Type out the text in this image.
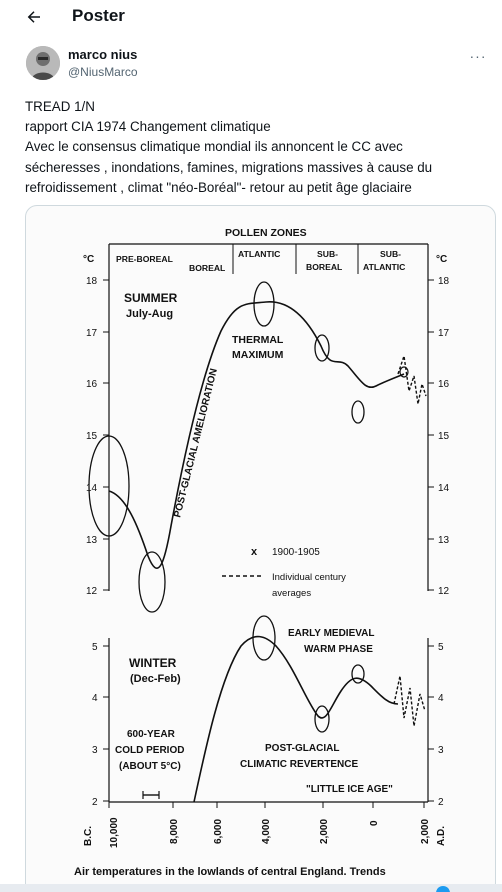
Poster
marco nius
@NiusMarco
···

TREAD 1/N

rapport CIA 1974 Changement climatique

Avec le consensus climatique mondial ils annoncent le CC avec

sécheresses , inondations, famines, migrations massives à cause du

refroidissement , climat "néo-Boréal"- retour au petit âge glaciaire

POLLEN ZONES
°C	°C
PRE-BOREAL
BOREAL
ATLANTIC	SUB-
BOREAL
SUB-
ATLANTIC
18
17
16
15
14
13
12
18
17
16
15
14
13
12
SUMMER
July-Aug
POST-GLACIAL AMELIORATION
THERMAL
MAXIMUM
x 1900-1905
Individual century
averages
5
4
3
2
5
4
3
2
WINTER
(Dec-Feb)
EARLY MEDIEVAL
WARM PHASE
600-YEAR
COLD PERIOD
(ABOUT 5°C)
POST-GLACIAL
CLIMATIC REVERTENCE
"LITTLE ICE AGE"
B.C.	A.D.
10,000	8,000	6,000	4,000	2,000	0	2,000
Air temperatures in the lowlands of central England. Trends
